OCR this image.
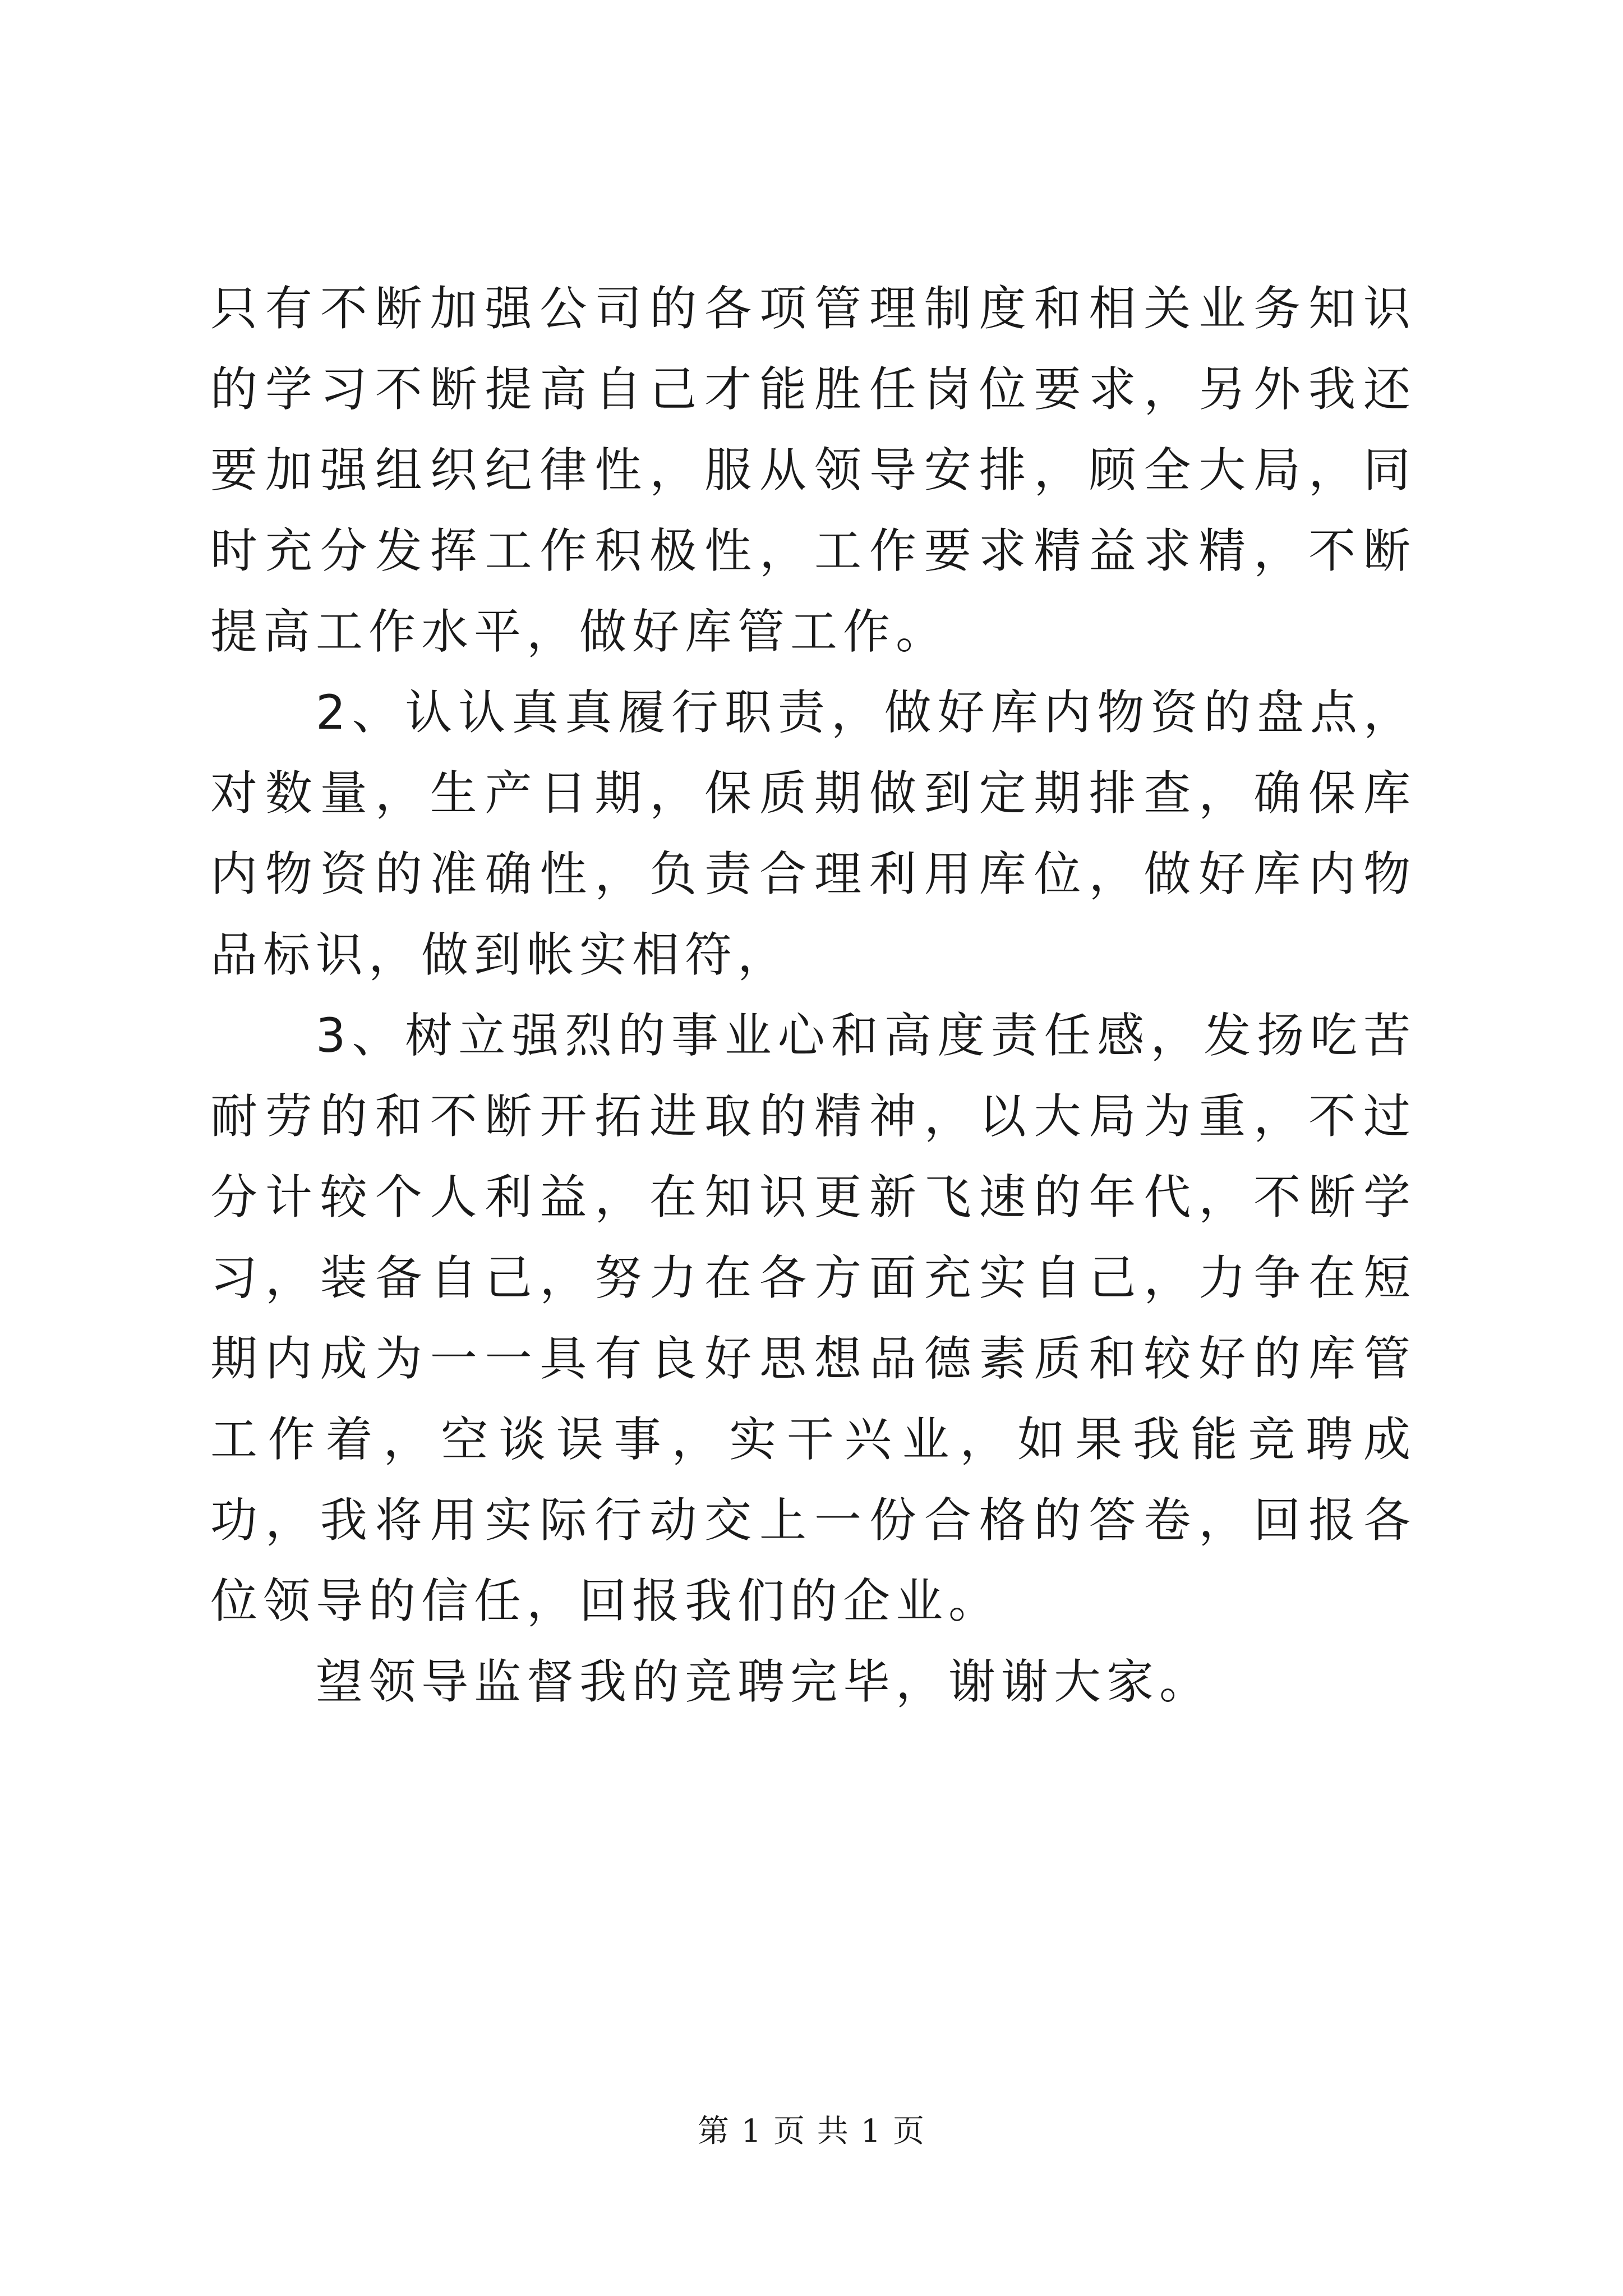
只有不断加强公司的各项管理制度和相关业务知识的学习不断提高自己才能胜任岗位要求，另外我还要加强组织纪律性，服从领导安排，顾全大局，同时充分发挥工作积极性，工作要求精益求精，不断提高工作水平，做好库管工作。

2、认认真真履行职责，做好库内物资的盘点，对数量，生产日期，保质期做到定期排查，确保库内物资的准确性，负责合理利用库位，做好库内物品标识，做到帐实相符，

3、树立强烈的事业心和高度责任感，发扬吃苦耐劳的和不断开拓进取的精神，以大局为重，不过分计较个人利益，在知识更新飞速的年代，不断学习，装备自己，努力在各方面充实自己，力争在短期内成为一一具有良好思想品德素质和较好的库管工作着，空谈误事，实干兴业，如果我能竞聘成功，我将用实际行动交上一份合格的答卷，回报各位领导的信任，回报我们的企业。

望领导监督我的竞聘完毕，谢谢大家。

第 1 页 共 1 页
